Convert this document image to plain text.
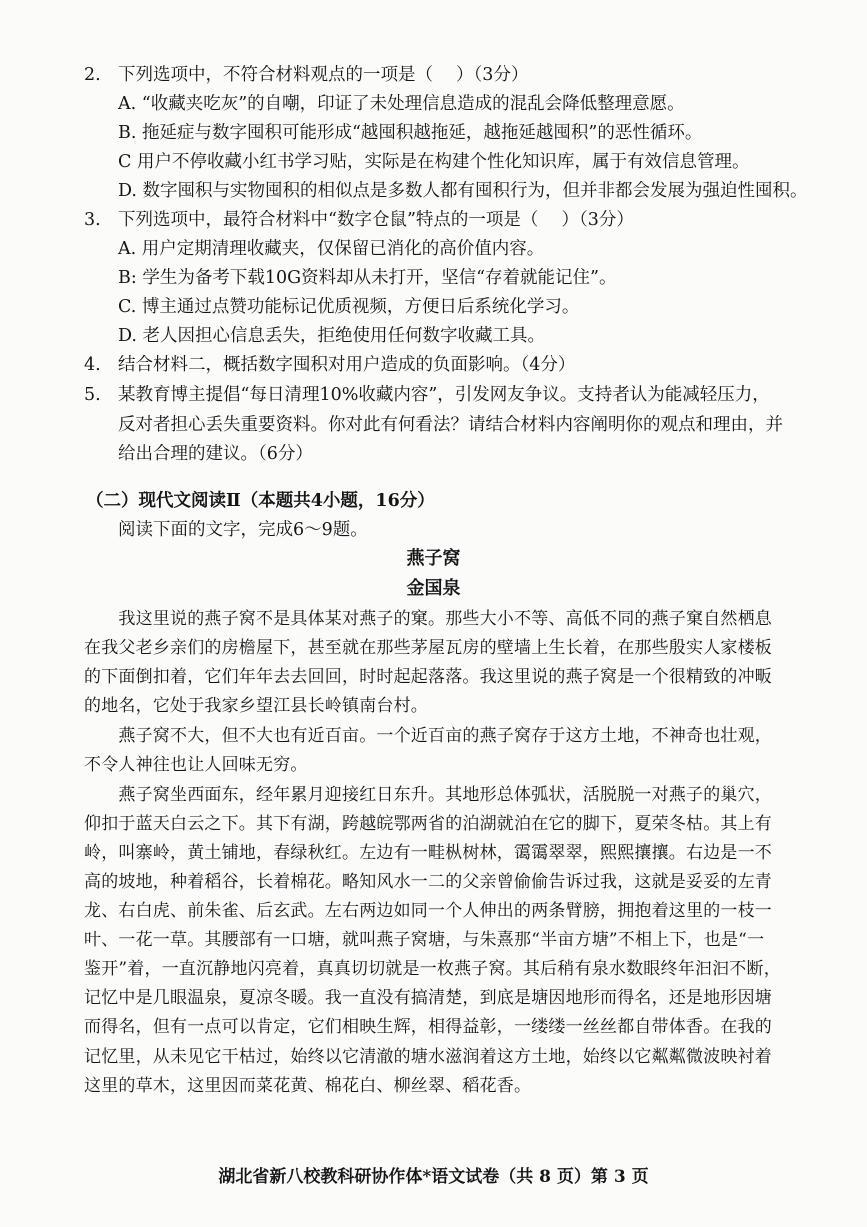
2. 下列选项中，不符合材料观点的一项是（　 ）（3分）
A. “收藏夹吃灰”的自嘲，印证了未处理信息造成的混乱会降低整理意愿。
B. 拖延症与数字囤积可能形成“越囤积越拖延，越拖延越囤积”的恶性循环。
C 用户不停收藏小红书学习贴，实际是在构建个性化知识库，属于有效信息管理。
D. 数字囤积与实物囤积的相似点是多数人都有囤积行为，但并非都会发展为强迫性囤积。
3. 下列选项中，最符合材料中“数字仓鼠”特点的一项是（　 ）（3分）
A. 用户定期清理收藏夹，仅保留已消化的高价值内容。
B: 学生为备考下载10G资料却从未打开，坚信“存着就能记住”。
C. 博主通过点赞功能标记优质视频，方便日后系统化学习。
D. 老人因担心信息丢失，拒绝使用任何数字收藏工具。
4. 结合材料二，概括数字囤积对用户造成的负面影响。（4分）
5. 某教育博主提倡“每日清理10%收藏内容”，引发网友争议。支持者认为能减轻压力，
反对者担心丢失重要资料。你对此有何看法？请结合材料内容阐明你的观点和理由，并
给出合理的建议。（6分）
（二）现代文阅读Ⅱ（本题共4小题，16分）
阅读下面的文字，完成6～9题。
燕子窝
金国泉
　　我这里说的燕子窝不是具体某对燕子的窠。那些大小不等、高低不同的燕子窠自然栖息
在我父老乡亲们的房檐屋下，甚至就在那些茅屋瓦房的壁墙上生长着，在那些殷实人家楼板
的下面倒扣着，它们年年去去回回，时时起起落落。我这里说的燕子窝是一个很精致的冲畈
的地名，它处于我家乡望江县长岭镇南台村。
　　燕子窝不大，但不大也有近百亩。一个近百亩的燕子窝存于这方土地，不神奇也壮观，
不令人神往也让人回味无穷。
　　燕子窝坐西面东，经年累月迎接红日东升。其地形总体弧状，活脱脱一对燕子的巢穴，
仰扣于蓝天白云之下。其下有湖，跨越皖鄂两省的泊湖就泊在它的脚下，夏荣冬枯。其上有
岭，叫寨岭，黄土铺地，春绿秋红。左边有一畦枞树林，霭霭翠翠，熙熙攘攘。右边是一不
高的坡地，种着稻谷，长着棉花。略知风水一二的父亲曾偷偷告诉过我，这就是妥妥的左青
龙、右白虎、前朱雀、后玄武。左右两边如同一个人伸出的两条臂膀，拥抱着这里的一枝一
叶、一花一草。其腰部有一口塘，就叫燕子窝塘，与朱熹那“半亩方塘”不相上下，也是“一
鉴开”着，一直沉静地闪亮着，真真切切就是一枚燕子窝。其后稍有泉水数眼终年汩汩不断，
记忆中是几眼温泉，夏凉冬暖。我一直没有搞清楚，到底是塘因地形而得名，还是地形因塘
而得名，但有一点可以肯定，它们相映生辉，相得益彰，一缕缕一丝丝都自带体香。在我的
记忆里，从未见它干枯过，始终以它清澈的塘水滋润着这方土地，始终以它粼粼微波映衬着
这里的草木，这里因而菜花黄、棉花白、柳丝翠、稻花香。
湖北省新八校教科研协作体*语文试卷（共 8 页）第 3 页
